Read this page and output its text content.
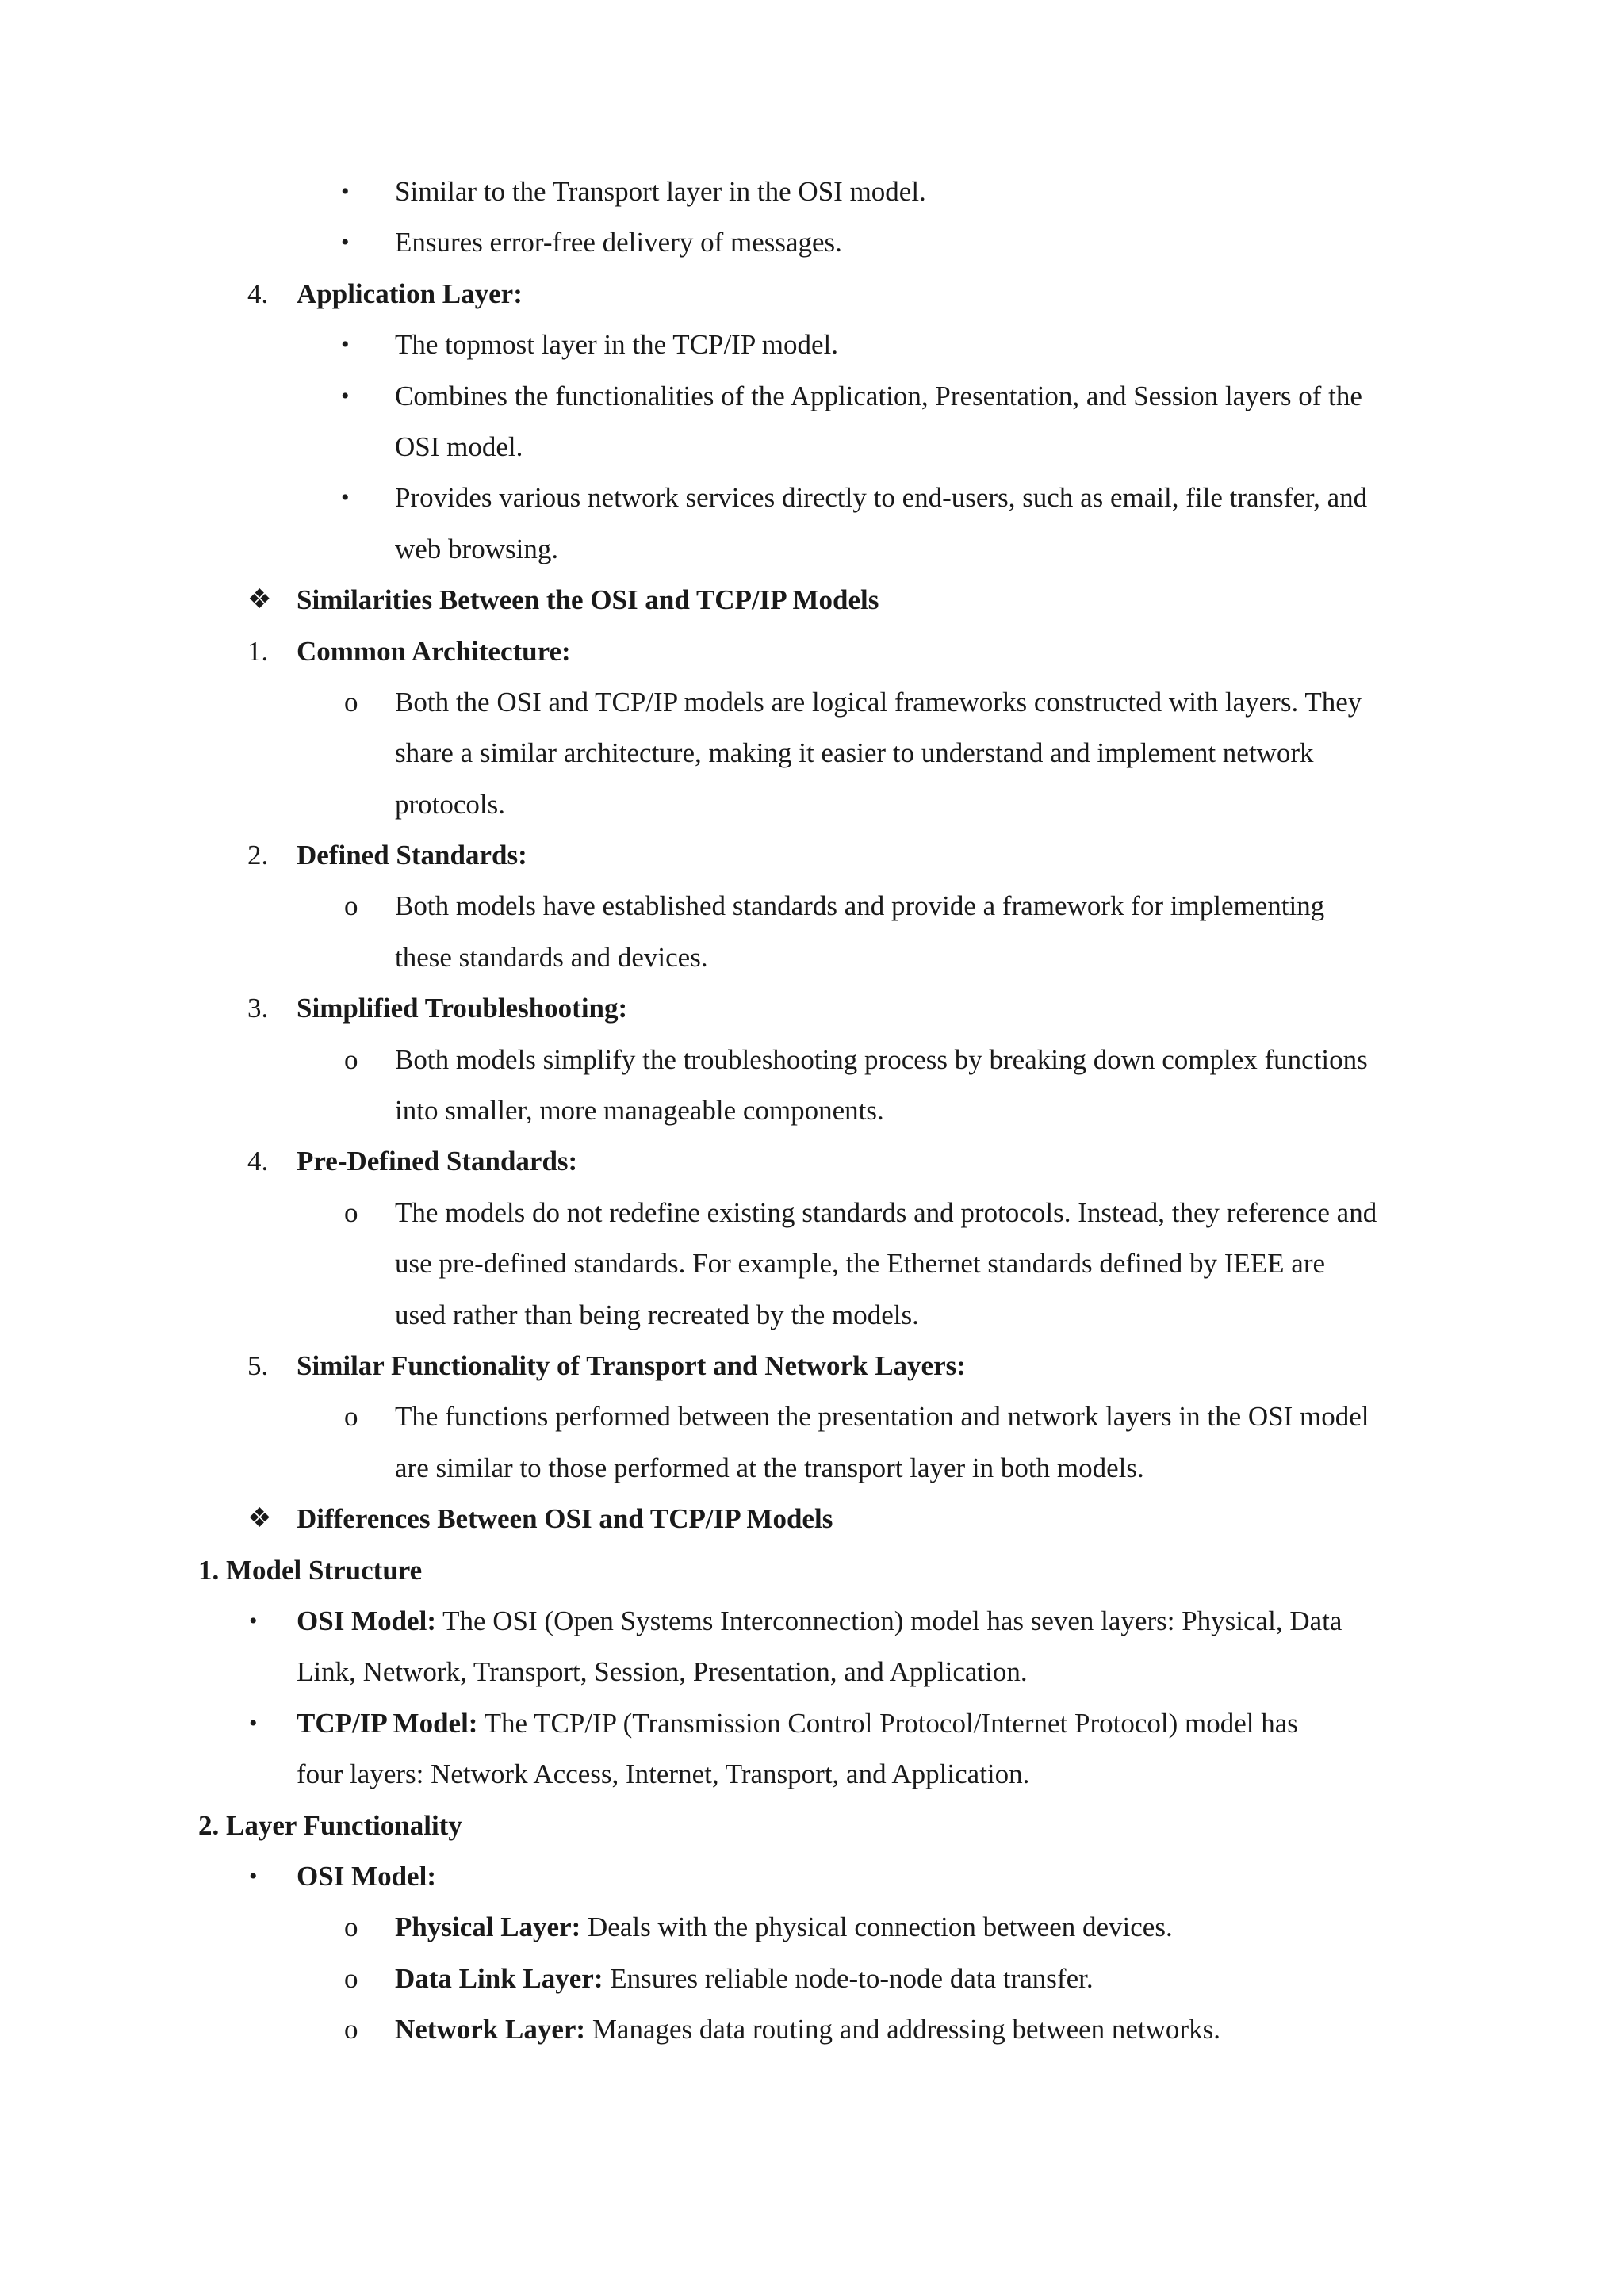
• Similar to the Transport layer in the OSI model.
• Ensures error-free delivery of messages.
4. Application Layer:
• The topmost layer in the TCP/IP model.
• Combines the functionalities of the Application, Presentation, and Session layers of the
OSI model.
• Provides various network services directly to end-users, such as email, file transfer, and
web browsing.
❖ Similarities Between the OSI and TCP/IP Models
1. Common Architecture:
o Both the OSI and TCP/IP models are logical frameworks constructed with layers. They
share a similar architecture, making it easier to understand and implement network
protocols.
2. Defined Standards:
o Both models have established standards and provide a framework for implementing
these standards and devices.
3. Simplified Troubleshooting:
o Both models simplify the troubleshooting process by breaking down complex functions
into smaller, more manageable components.
4. Pre-Defined Standards:
o The models do not redefine existing standards and protocols. Instead, they reference and
use pre-defined standards. For example, the Ethernet standards defined by IEEE are
used rather than being recreated by the models.
5. Similar Functionality of Transport and Network Layers:
o The functions performed between the presentation and network layers in the OSI model
are similar to those performed at the transport layer in both models.
❖ Differences Between OSI and TCP/IP Models
1. Model Structure
• OSI Model: The OSI (Open Systems Interconnection) model has seven layers: Physical, Data
Link, Network, Transport, Session, Presentation, and Application.
• TCP/IP Model: The TCP/IP (Transmission Control Protocol/Internet Protocol) model has
four layers: Network Access, Internet, Transport, and Application.
2. Layer Functionality
• OSI Model:
o Physical Layer: Deals with the physical connection between devices.
o Data Link Layer: Ensures reliable node-to-node data transfer.
o Network Layer: Manages data routing and addressing between networks.
